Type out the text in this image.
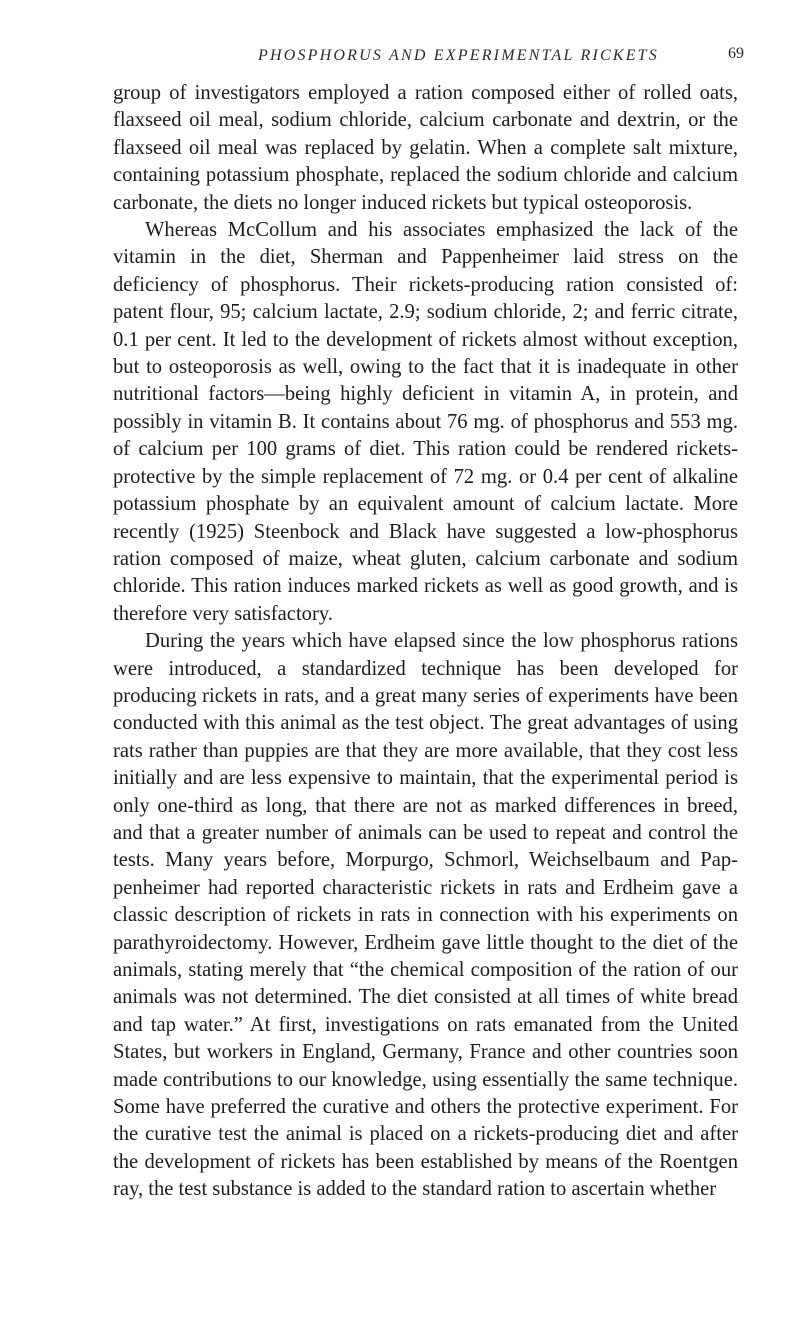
PHOSPHORUS AND EXPERIMENTAL RICKETS	69

group of investigators employed a ration composed either of rolled oats, flaxseed oil meal, sodium chloride, calcium carbonate and dextrin, or the flaxseed oil meal was replaced by gelatin. When a complete salt mixture, containing potassium phosphate, replaced the sodium chloride and calcium carbonate, the diets no longer induced rickets but typical osteoporosis.

Whereas McCollum and his associates emphasized the lack of the vitamin in the diet, Sherman and Pappenheimer laid stress on the deficiency of phosphorus. Their rickets-producing ration consisted of: patent flour, 95; calcium lactate, 2.9; sodium chloride, 2; and ferric citrate, 0.1 per cent. It led to the development of rickets almost without exception, but to osteoporosis as well, owing to the fact that it is inadequate in other nutritional factors—being highly deficient in vitamin A, in protein, and possibly in vitamin B. It contains about 76 mg. of phosphorus and 553 mg. of calcium per 100 grams of diet. This ration could be rendered rickets-protective by the simple replacement of 72 mg. or 0.4 per cent of alkaline potassium phosphate by an equivalent amount of calcium lactate. More recently (1925) Steenbock and Black have suggested a low-phosphorus ration composed of maize, wheat gluten, calcium carbonate and sodium chloride. This ration induces marked rickets as well as good growth, and is therefore very satisfactory.

During the years which have elapsed since the low phosphorus rations were introduced, a standardized technique has been developed for producing rickets in rats, and a great many series of experiments have been conducted with this animal as the test object. The great advantages of using rats rather than puppies are that they are more available, that they cost less initially and are less expensive to maintain, that the experimental period is only one-third as long, that there are not as marked differences in breed, and that a greater number of animals can be used to repeat and control the tests. Many years before, Morpurgo, Schmorl, Weichselbaum and Pappenheimer had reported characteristic rickets in rats and Erdheim gave a classic description of rickets in rats in connection with his experiments on parathyroidectomy. However, Erdheim gave little thought to the diet of the animals, stating merely that “the chemical composition of the ration of our animals was not determined. The diet consisted at all times of white bread and tap water.” At first, investigations on rats emanated from the United States, but workers in England, Germany, France and other countries soon made contributions to our knowledge, using essentially the same technique. Some have preferred the curative and others the protective experiment. For the curative test the animal is placed on a rickets-producing diet and after the development of rickets has been established by means of the Roentgen ray, the test substance is added to the standard ration to ascertain whether
